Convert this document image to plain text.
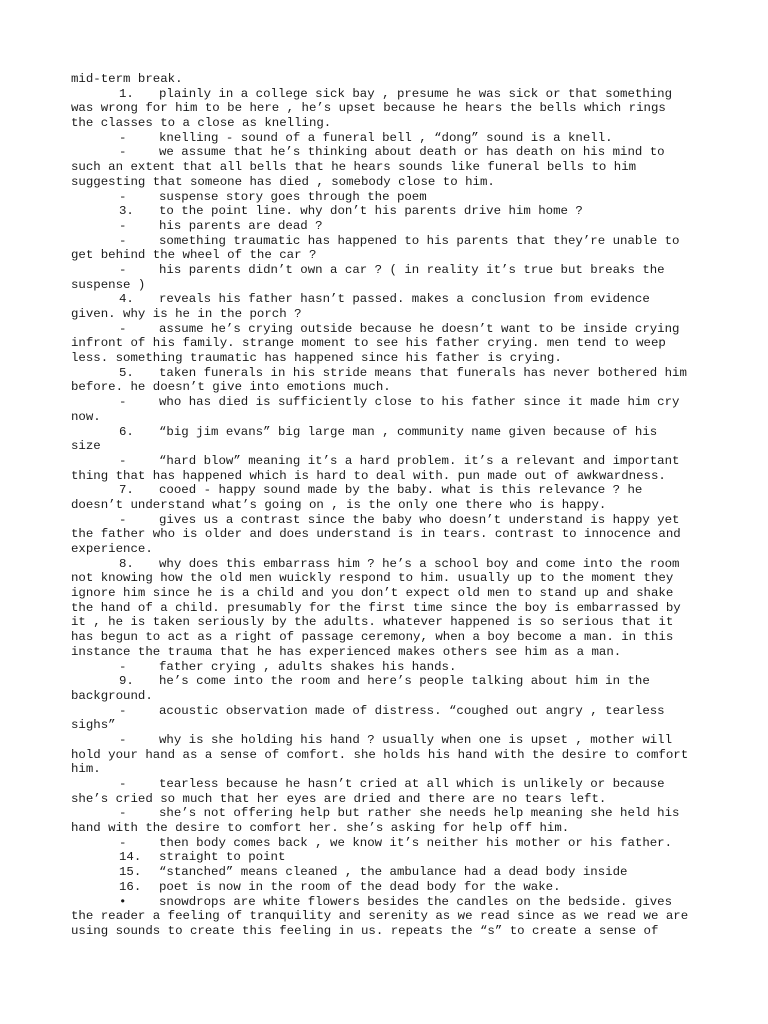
mid-term break.
1. plainly in a college sick bay , presume he was sick or that something
was wrong for him to be here , he’s upset because he hears the bells which rings
the classes to a close as knelling.
-	knelling - sound of a funeral bell , “dong” sound is a knell.
-	we assume that he’s thinking about death or has death on his mind to
such an extent that all bells that he hears sounds like funeral bells to him
suggesting that someone has died , somebody close to him.
-	suspense story goes through the poem
3. to the point line. why don’t his parents drive him home ?
-	his parents are dead ?
-	something traumatic has happened to his parents that they’re unable to
get behind the wheel of the car ?
-	his parents didn’t own a car ? ( in reality it’s true but breaks the
suspense )
4. reveals his father hasn’t passed. makes a conclusion from evidence
given. why is he in the porch ?
-	assume he’s crying outside because he doesn’t want to be inside crying
infront of his family. strange moment to see his father crying. men tend to weep
less. something traumatic has happened since his father is crying.
5. taken funerals in his stride means that funerals has never bothered him
before. he doesn’t give into emotions much.
-	who has died is sufficiently close to his father since it made him cry
now.
6. “big jim evans” big large man , community name given because of his
size
-	“hard blow” meaning it’s a hard problem. it’s a relevant and important
thing that has happened which is hard to deal with. pun made out of awkwardness.
7. cooed - happy sound made by the baby. what is this relevance ? he
doesn’t understand what’s going on , is the only one there who is happy.
-	gives us a contrast since the baby who doesn’t understand is happy yet
the father who is older and does understand is in tears. contrast to innocence and
experience.
8. why does this embarrass him ? he’s a school boy and come into the room
not knowing how the old men wuickly respond to him. usually up to the moment they
ignore him since he is a child and you don’t expect old men to stand up and shake
the hand of a child. presumably for the first time since the boy is embarrassed by
it , he is taken seriously by the adults. whatever happened is so serious that it
has begun to act as a right of passage ceremony, when a boy become a man. in this
instance the trauma that he has experienced makes others see him as a man.
-	father crying , adults shakes his hands.
9. he’s come into the room and here’s people talking about him in the
background.
-	acoustic observation made of distress. “coughed out angry , tearless
sighs”
-	why is she holding his hand ? usually when one is upset , mother will
hold your hand as a sense of comfort. she holds his hand with the desire to comfort
him.
-	tearless because he hasn’t cried at all which is unlikely or because
she’s cried so much that her eyes are dried and there are no tears left.
-	she’s not offering help but rather she needs help meaning she held his
hand with the desire to comfort her. she’s asking for help off him.
-	then body comes back , we know it’s neither his mother or his father.
14. straight to point
15. “stanched” means cleaned , the ambulance had a dead body inside
16. poet is now in the room of the dead body for the wake.
•	snowdrops are white flowers besides the candles on the bedside. gives
the reader a feeling of tranquility and serenity as we read since as we read we are
using sounds to create this feeling in us. repeats the “s” to create a sense of
